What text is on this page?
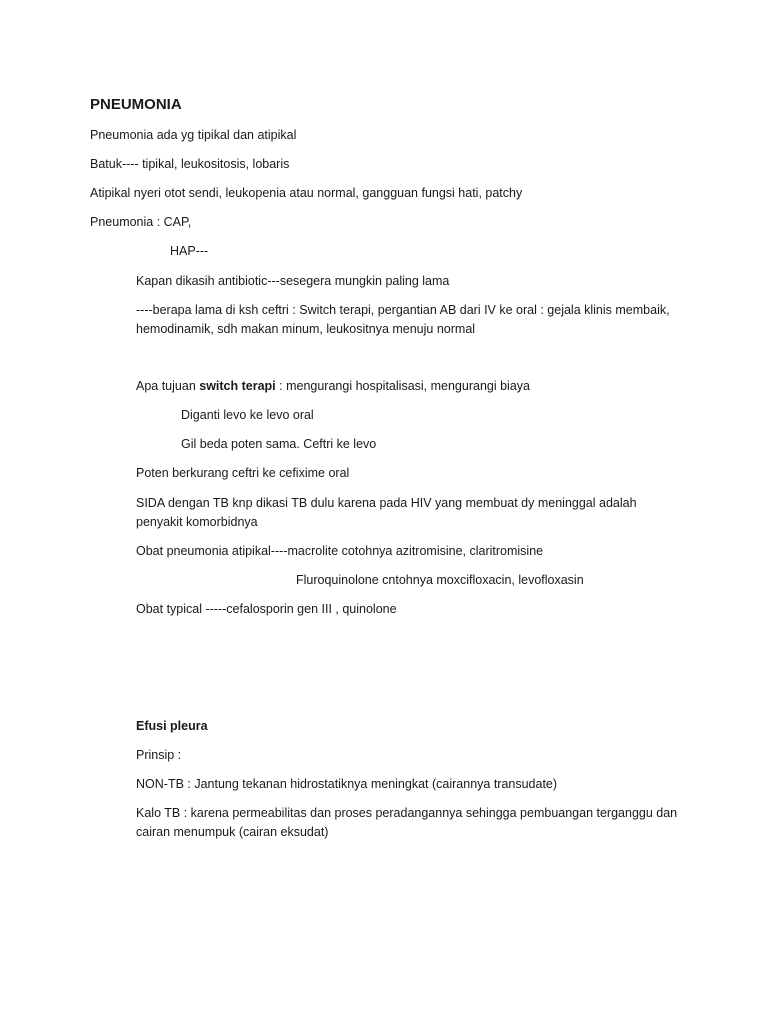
PNEUMONIA
Pneumonia ada yg tipikal dan atipikal
Batuk---- tipikal, leukositosis, lobaris
Atipikal nyeri otot sendi, leukopenia atau normal, gangguan fungsi hati, patchy
Pneumonia : CAP,
HAP---
Kapan dikasih antibiotic---sesegera mungkin paling lama
----berapa lama di ksh ceftri : Switch terapi, pergantian AB dari IV ke oral : gejala klinis membaik,
hemodinamik, sdh makan minum, leukositnya menuju normal
Apa tujuan switch terapi : mengurangi hospitalisasi, mengurangi biaya
Diganti levo ke levo oral
Gil beda poten sama. Ceftri ke levo
Poten berkurang ceftri ke cefixime oral
SIDA dengan TB knp dikasi TB dulu karena pada HIV yang membuat dy meninggal adalah
penyakit komorbidnya
Obat pneumonia atipikal----macrolite cotohnya azitromisine, claritromisine
Fluroquinolone cntohnya moxcifloxacin, levofloxasin
Obat typical -----cefalosporin gen III , quinolone
Efusi pleura
Prinsip :
NON-TB : Jantung tekanan hidrostatiknya meningkat (cairannya transudate)
Kalo TB : karena permeabilitas dan proses peradangannya sehingga pembuangan terganggu dan
cairan menumpuk (cairan eksudat)
